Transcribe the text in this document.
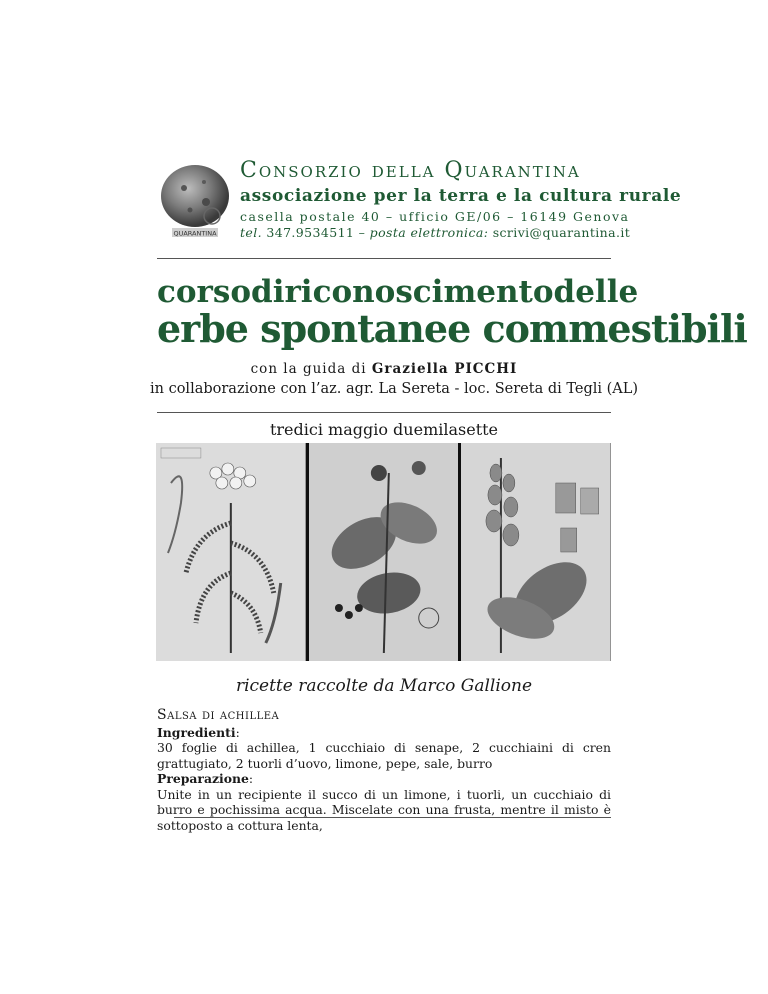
QUARANTINA
Consorzio della Quarantina
associazione per la terra e la cultura rurale
casella postale 40 – ufficio GE/06 – 16149 Genova
tel. 347.9534511 – posta elettronica: scrivi@quarantina.it
corso di riconoscimento delle
erbe spontanee commestibili
con la guida di Graziella PICCHI
in collaborazione con l’az. agr. La Sereta - loc. Sereta di Tegli (AL)
tredici maggio duemilasette
ricette raccolte da Marco Gallione
Salsa di achillea

Ingredienti:

30 foglie di achillea, 1 cucchiaio di senape, 2 cucchiaini di cren grattugiato, 2 tuorli d’uovo, limone, pepe, sale, burro

Preparazione:

Unite in un recipiente il succo di un limone, i tuorli, un cucchiaio di burro e pochissima acqua. Miscelate con una frusta, mentre il misto è sottoposto a cottura lenta,
